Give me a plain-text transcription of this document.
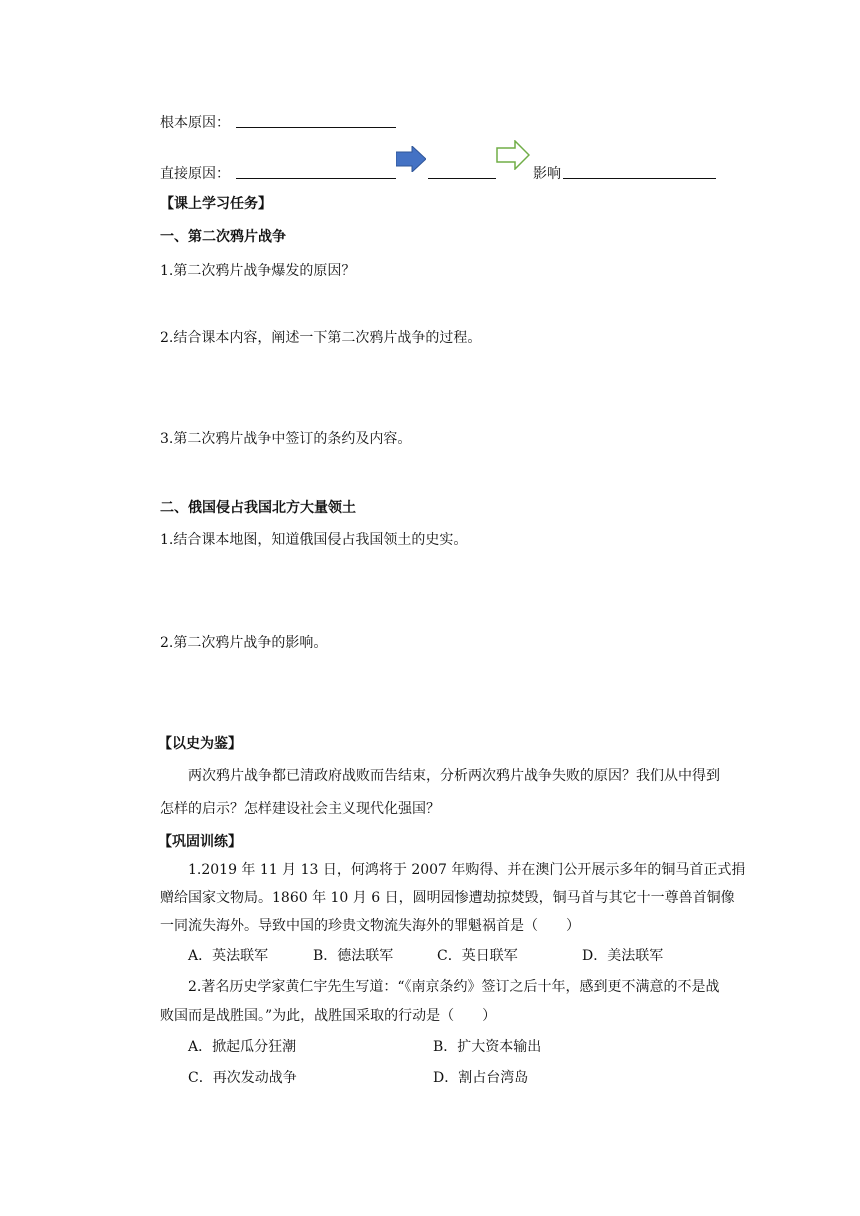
根本原因：
直接原因：	影响
【课上学习任务】
一、第二次鸦片战争
1.第二次鸦片战争爆发的原因？
2.结合课本内容，阐述一下第二次鸦片战争的过程。
3.第二次鸦片战争中签订的条约及内容。
二、俄国侵占我国北方大量领土
1.结合课本地图，知道俄国侵占我国领土的史实。
2.第二次鸦片战争的影响。
【以史为鉴】
两次鸦片战争都已清政府战败而告结束，分析两次鸦片战争失败的原因？我们从中得到
怎样的启示？怎样建设社会主义现代化强国？
【巩固训练】
1.2019 年 11 月 13 日，何鸿将于 2007 年购得、并在澳门公开展示多年的铜马首正式捐
赠给国家文物局。1860 年 10 月 6 日，圆明园惨遭劫掠焚毁，铜马首与其它十一尊兽首铜像
一同流失海外。导致中国的珍贵文物流失海外的罪魁祸首是（　　）
A．英法联军	B．德法联军	C．英日联军	D．美法联军
2.著名历史学家黄仁宇先生写道：“《南京条约》签订之后十年，感到更不满意的不是战
败国而是战胜国。”为此，战胜国采取的行动是（　　）
A．掀起瓜分狂潮	B．扩大资本输出
C．再次发动战争	D．割占台湾岛
